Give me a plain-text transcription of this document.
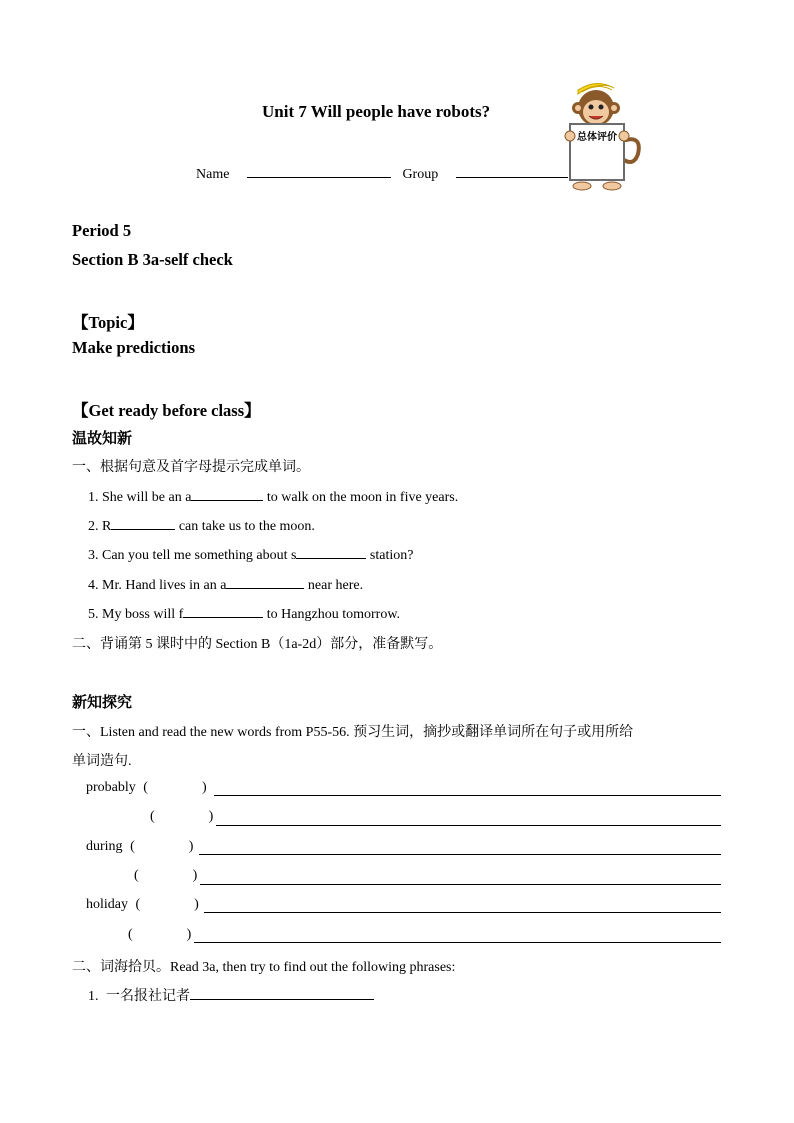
Unit 7 Will people have robots?
Name	Group
总体评价
Period 5
Section B 3a-self check
【Topic】
Make predictions
【Get ready before class】
温故知新
一、根据句意及首字母提示完成单词。
1. She will be an a	to walk on the moon in five years.
2. R	can take us to the moon.
3. Can you tell me something about s	station?
4. Mr. Hand lives in an a	near here.
5. My boss will f	to Hangzhou tomorrow.
二、背诵第 5 课时中的 Section B（1a-2d）部分，准备默写。
新知探究
一、Listen and read the new words from P55-56. 预习生词，摘抄或翻译单词所在句子或用所给
单词造句.
probably (	)
(	)
during (	)
(	)
holiday (	)
(	)
二、词海拾贝。Read 3a, then try to find out the following phrases:
1. 一名报社记者
